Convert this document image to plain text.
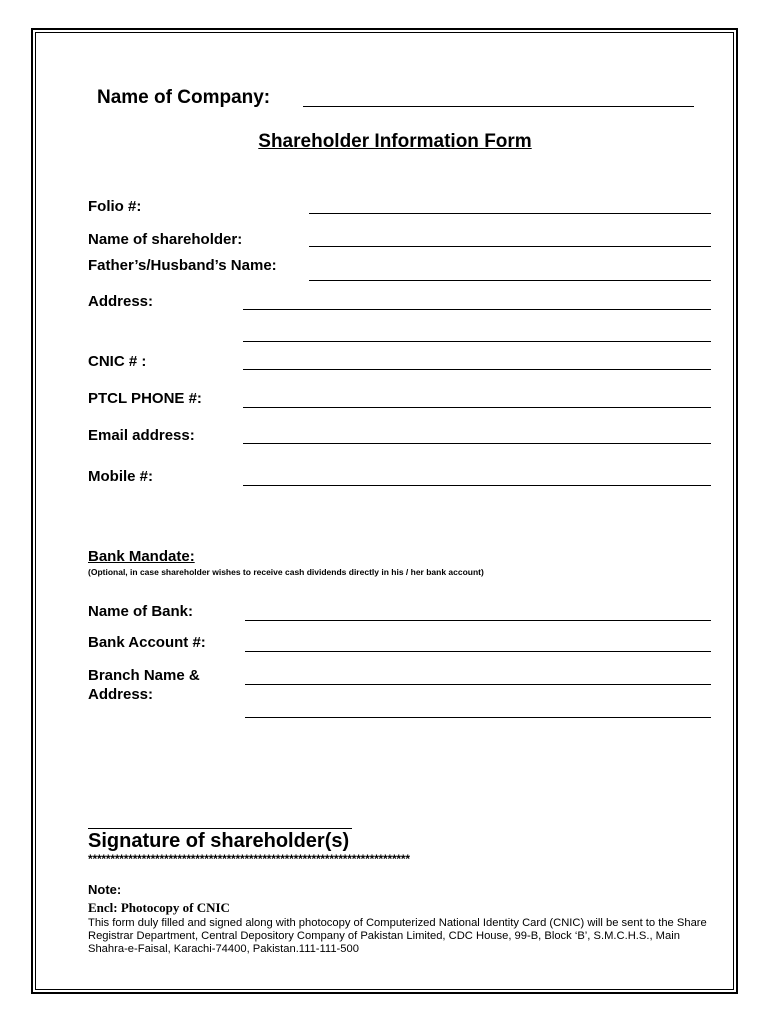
Name of Company:
Shareholder Information Form
Folio #:
Name of shareholder:
Father’s/Husband’s Name:
Address:
CNIC # :
PTCL PHONE #:
Email address:
Mobile #:
Bank Mandate:
(Optional, in case shareholder wishes to receive cash dividends directly in his / her bank account)
Name of Bank:
Bank Account #:
Branch Name &
Address:
Signature of shareholder(s)
************************************************************************
Note:
Encl: Photocopy of CNIC
This form duly filled and signed along with photocopy of Computerized National Identity Card (CNIC) will be sent to the Share Registrar Department, Central Depository Company of Pakistan Limited, CDC House, 99-B, Block ‘B’, S.M.C.H.S., Main Shahra-e-Faisal, Karachi-74400, Pakistan.111-111-500
